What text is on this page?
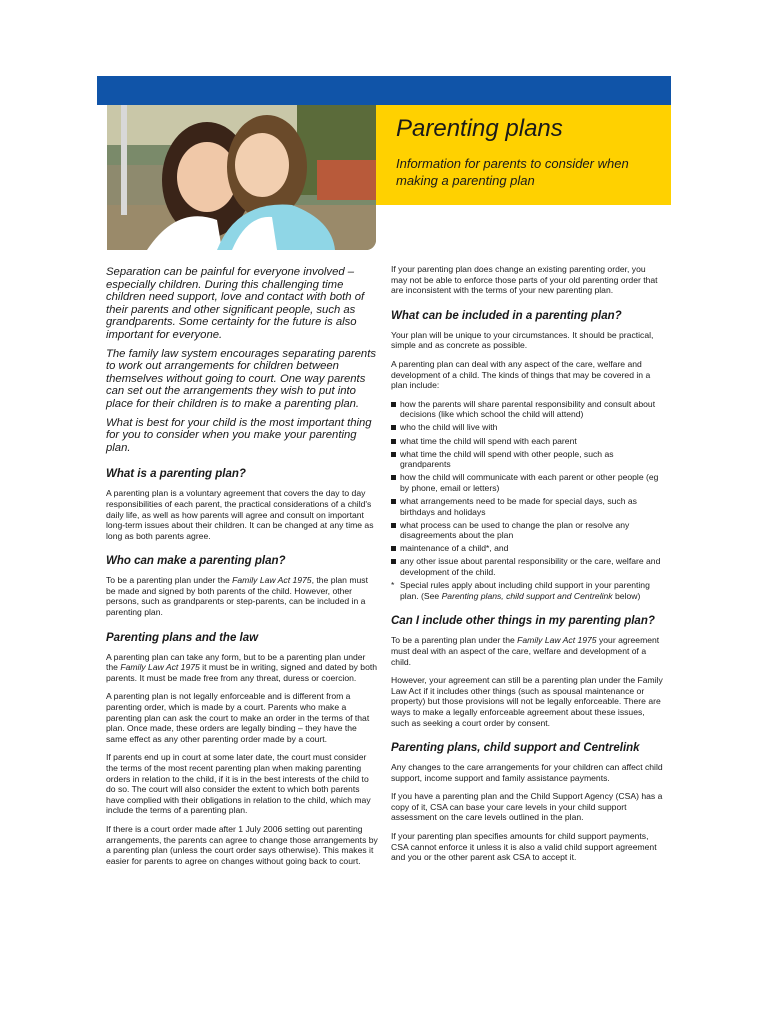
Parenting plans
Information for parents to consider when making a parenting plan

Separation can be painful for everyone involved – especially children. During this challenging time children need support, love and contact with both of their parents and other significant people, such as grandparents. Some certainty for the future is also important for everyone.

The family law system encourages separating parents to work out arrangements for children between themselves without going to court. One way parents can set out the arrangements they wish to put into place for their children is to make a parenting plan.

What is best for your child is the most important thing for you to consider when you make your parenting plan.

What is a parenting plan?

A parenting plan is a voluntary agreement that covers the day to day responsibilities of each parent, the practical considerations of a child's daily life, as well as how parents will agree and consult on important long-term issues about their children. It can be changed at any time as long as both parents agree.

Who can make a parenting plan?

To be a parenting plan under the Family Law Act 1975, the plan must be made and signed by both parents of the child. However, other persons, such as grandparents or step-parents, can be included in a parenting plan.

Parenting plans and the law

A parenting plan can take any form, but to be a parenting plan under the Family Law Act 1975 it must be in writing, signed and dated by both parents. It must be made free from any threat, duress or coercion.

A parenting plan is not legally enforceable and is different from a parenting order, which is made by a court. Parents who make a parenting plan can ask the court to make an order in the terms of that plan. Once made, these orders are legally binding – they have the same effect as any other parenting order made by a court.

If parents end up in court at some later date, the court must consider the terms of the most recent parenting plan when making parenting orders in relation to the child, if it is in the best interests of the child to do so. The court will also consider the extent to which both parents have complied with their obligations in relation to the child, which may include the terms of a parenting plan.

If there is a court order made after 1 July 2006 setting out parenting arrangements, the parents can agree to change those arrangements by a parenting plan (unless the court order says otherwise). This makes it easier for parents to agree on changes without going back to court.

If your parenting plan does change an existing parenting order, you may not be able to enforce those parts of your old parenting order that are inconsistent with the terms of your new parenting plan.

What can be included in a parenting plan?

Your plan will be unique to your circumstances. It should be practical, simple and as concrete as possible.

A parenting plan can deal with any aspect of the care, welfare and development of a child. The kinds of things that may be covered in a plan include:

how the parents will share parental responsibility and consult about decisions (like which school the child will attend)
who the child will live with
what time the child will spend with each parent
what time the child will spend with other people, such as grandparents
how the child will communicate with each parent or other people (eg by phone, email or letters)
what arrangements need to be made for special days, such as birthdays and holidays
what process can be used to change the plan or resolve any disagreements about the plan
maintenance of a child*, and
any other issue about parental responsibility or the care, welfare and development of the child.

* Special rules apply about including child support in your parenting plan. (See Parenting plans, child support and Centrelink below)

Can I include other things in my parenting plan?

To be a parenting plan under the Family Law Act 1975 your agreement must deal with an aspect of the care, welfare and development of a child.

However, your agreement can still be a parenting plan under the Family Law Act if it includes other things (such as spousal maintenance or property) but those provisions will not be legally enforceable. There are ways to make a legally enforceable agreement about these issues, such as seeking a court order by consent.

Parenting plans, child support and Centrelink

Any changes to the care arrangements for your children can affect child support, income support and family assistance payments.

If you have a parenting plan and the Child Support Agency (CSA) has a copy of it, CSA can base your care levels in your child support assessment on the care levels outlined in the plan.

If your parenting plan specifies amounts for child support payments, CSA cannot enforce it unless it is also a valid child support agreement and you or the other parent ask CSA to accept it.
